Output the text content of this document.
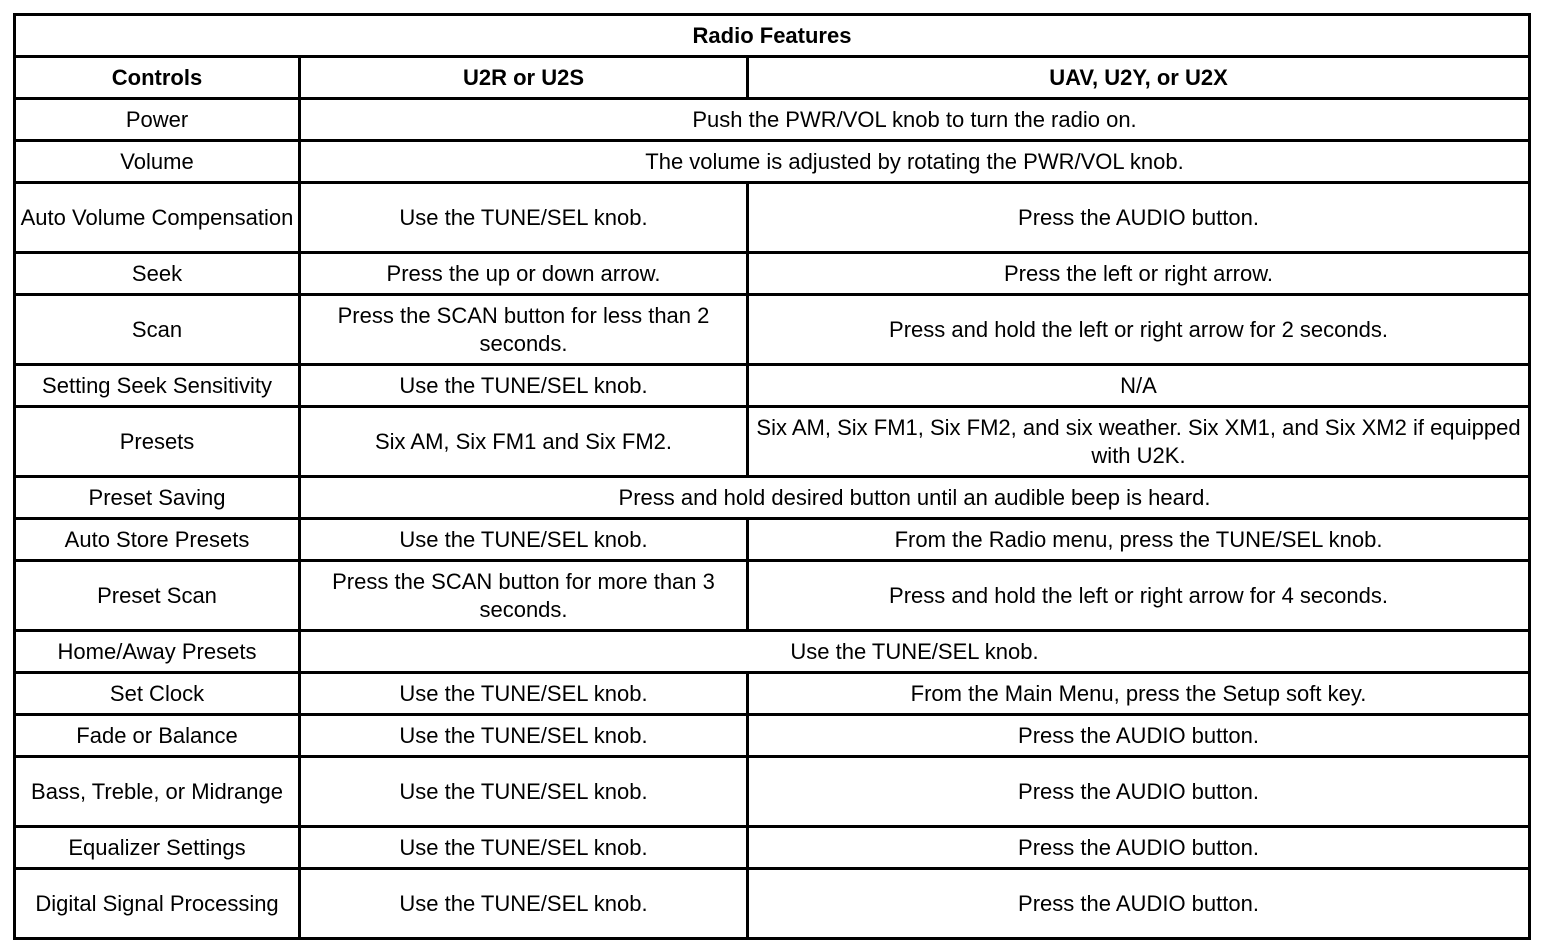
Radio Features		
Controls	U2R or U2S	UAV, U2Y, or U2X
Power	Push the PWR/VOL knob to turn the radio on.	
Volume	The volume is adjusted by rotating the PWR/VOL knob.	
Auto Volume Compensation	Use the TUNE/SEL knob.	Press the AUDIO button.
Seek	Press the up or down arrow.	Press the left or right arrow.
Scan	Press the SCAN button for less than 2 seconds.	Press and hold the left or right arrow for 2 seconds.
Setting Seek Sensitivity	Use the TUNE/SEL knob.	N/A
Presets	Six AM, Six FM1 and Six FM2.	Six AM, Six FM1, Six FM2, and six weather. Six XM1, and Six XM2 if equipped with U2K.
Preset Saving	Press and hold desired button until an audible beep is heard.	
Auto Store Presets	Use the TUNE/SEL knob.	From the Radio menu, press the TUNE/SEL knob.
Preset Scan	Press the SCAN button for more than 3 seconds.	Press and hold the left or right arrow for 4 seconds.
Home/Away Presets	Use the TUNE/SEL knob.	
Set Clock	Use the TUNE/SEL knob.	From the Main Menu, press the Setup soft key.
Fade or Balance	Use the TUNE/SEL knob.	Press the AUDIO button.
Bass, Treble, or Midrange	Use the TUNE/SEL knob.	Press the AUDIO button.
Equalizer Settings	Use the TUNE/SEL knob.	Press the AUDIO button.
Digital Signal Processing	Use the TUNE/SEL knob.	Press the AUDIO button.
